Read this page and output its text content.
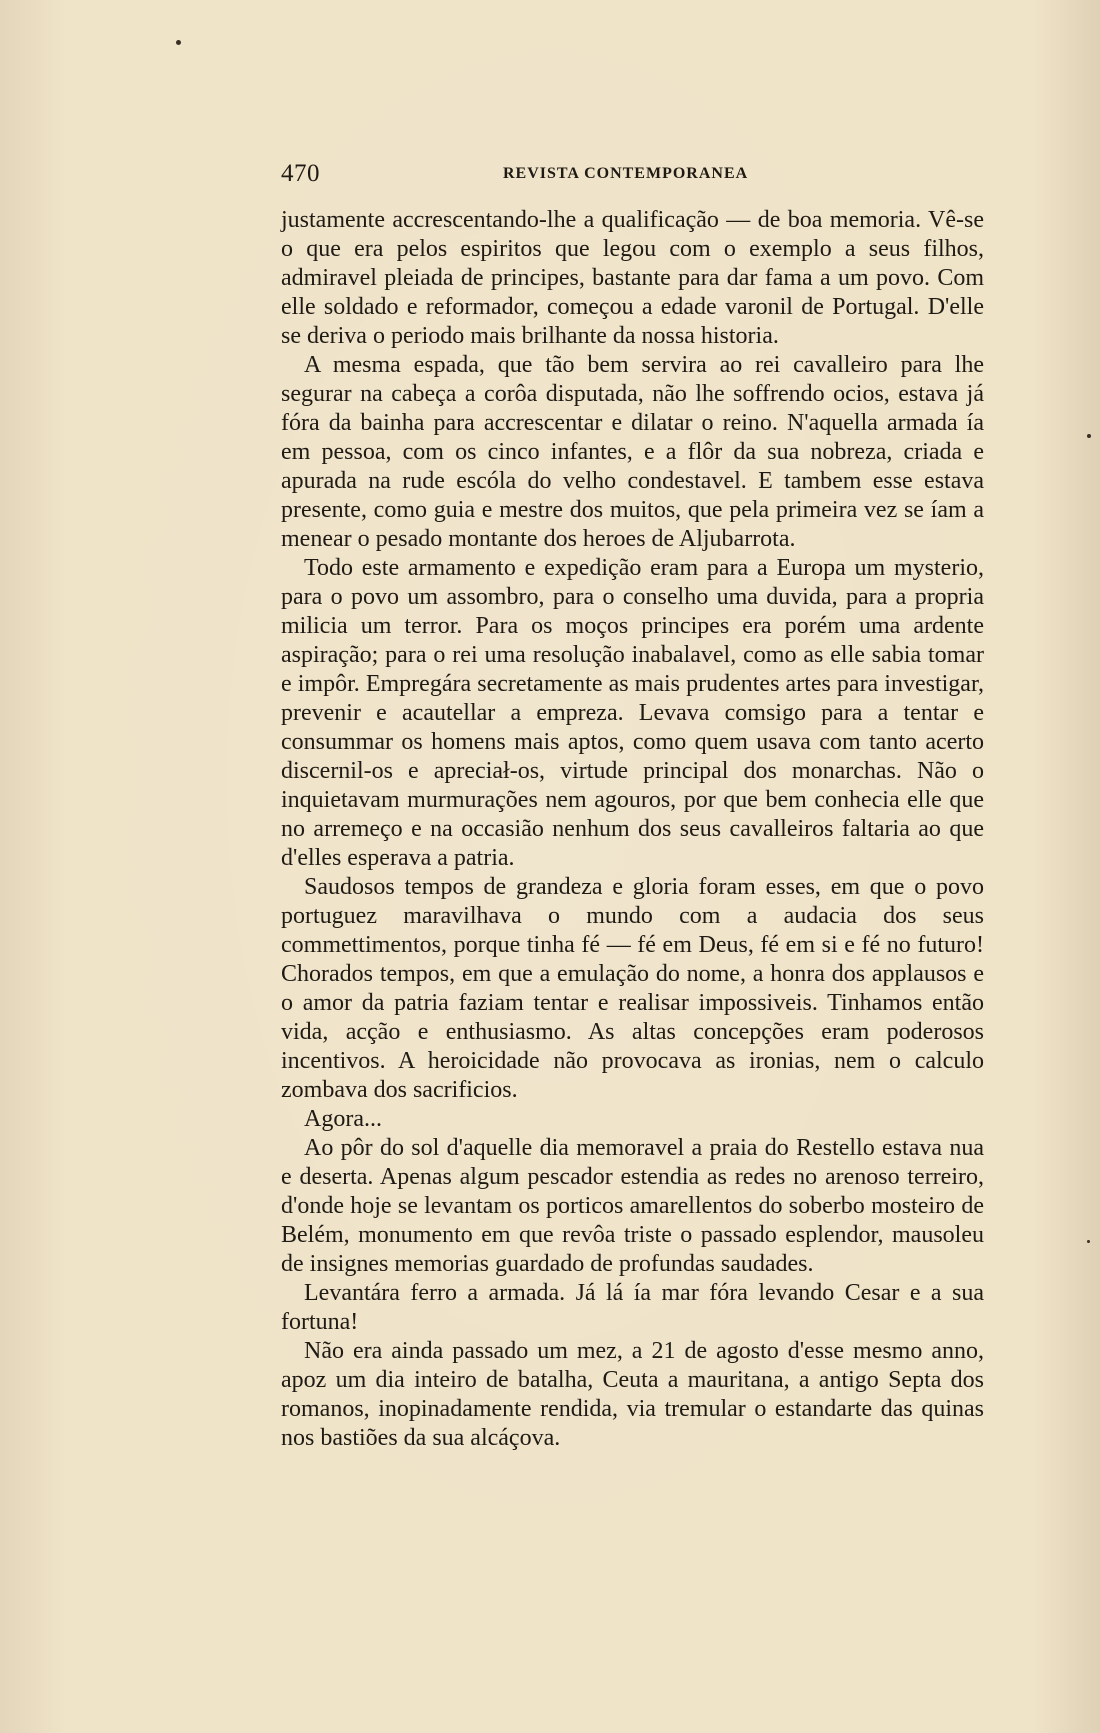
470	REVISTA CONTEMPORANEA

justamente accrescentando-lhe a qualificação — de boa memoria. Vê-se o que era pelos espiritos que legou com o exemplo a seus filhos, admiravel pleiada de principes, bastante para dar fama a um povo. Com elle soldado e reformador, começou a edade varonil de Portugal. D'elle se deriva o periodo mais brilhante da nossa historia.

A mesma espada, que tão bem servira ao rei cavalleiro para lhe segurar na cabeça a corôa disputada, não lhe soffrendo ocios, estava já fóra da bainha para accrescentar e dilatar o reino. N'aquella armada ía em pessoa, com os cinco infantes, e a flôr da sua nobreza, criada e apurada na rude escóla do velho condestavel. E tambem esse estava presente, como guia e mestre dos muitos, que pela primeira vez se íam a menear o pesado montante dos heroes de Aljubarrota.

Todo este armamento e expedição eram para a Europa um mysterio, para o povo um assombro, para o conselho uma duvida, para a propria milicia um terror. Para os moços principes era porém uma ardente aspiração; para o rei uma resolução inabalavel, como as elle sabia tomar e impôr. Empregára secretamente as mais prudentes artes para investigar, prevenir e acautellar a empreza. Levava comsigo para a tentar e consummar os homens mais aptos, como quem usava com tanto acerto discernil-os e apreciał-os, virtude principal dos monarchas. Não o inquietavam murmurações nem agouros, por que bem conhecia elle que no arremeço e na occasião nenhum dos seus cavalleiros faltaria ao que d'elles esperava a patria.

Saudosos tempos de grandeza e gloria foram esses, em que o povo portuguez maravilhava o mundo com a audacia dos seus commettimentos, porque tinha fé — fé em Deus, fé em si e fé no futuro! Chorados tempos, em que a emulação do nome, a honra dos applausos e o amor da patria faziam tentar e realisar impossiveis. Tinhamos então vida, acção e enthusiasmo. As altas concepções eram poderosos incentivos. A heroicidade não provocava as ironias, nem o calculo zombava dos sacrificios.

Agora...

Ao pôr do sol d'aquelle dia memoravel a praia do Restello estava nua e deserta. Apenas algum pescador estendia as redes no arenoso terreiro, d'onde hoje se levantam os porticos amarellentos do soberbo mosteiro de Belém, monumento em que revôa triste o passado esplendor, mausoleu de insignes memorias guardado de profundas saudades.

Levantára ferro a armada. Já lá ía mar fóra levando Cesar e a sua fortuna!

Não era ainda passado um mez, a 21 de agosto d'esse mesmo anno, apoz um dia inteiro de batalha, Ceuta a mauritana, a antigo Septa dos romanos, inopinadamente rendida, via tremular o estandarte das quinas nos bastiões da sua alcáçova.
